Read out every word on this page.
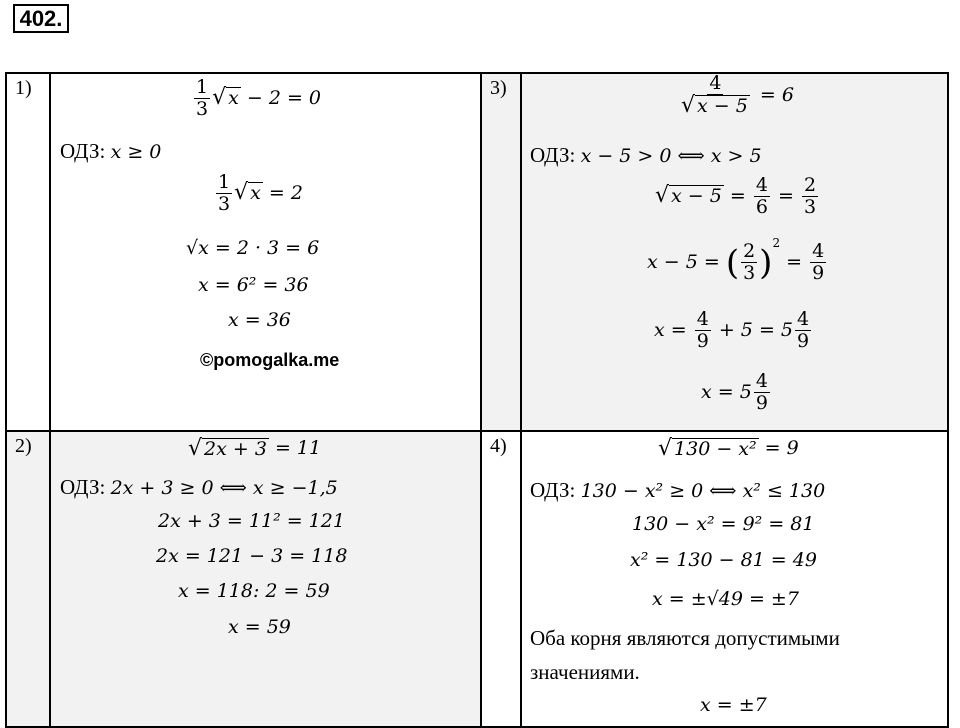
402.
1)	3)
2)	4)
$\frac{1}{3}$ √ x − 2 = 0
ОДЗ: x ≥ 0
$\frac{1}{3}$ √ x = 2
√x = 2 · 3 = 6
x = 6² = 36
x = 36
©pomogalka.me
√ 2x + 3 = 11
ОДЗ: 2x + 3 ≥ 0 ⟺ x ≥ −1,5
2x + 3 = 11² = 121
2x = 121 − 3 = 118
x = 118: 2 = 59
x = 59
$\frac{4}{√ x - 5} = 6$
ОДЗ: x − 5 > 0 ⟺ x > 5
√ $x - 5 = \frac{4}{6} = \frac{2}{3}$
x − 5 = ( $\frac{2}{3} )^2 = \frac{4}{9}$
$x = \frac{4}{9} + 5 = 5 \frac{4}{9}$
$x = 5 \frac{4}{9}$
√ 130 − x² = 9
ОДЗ: 130 − x² ≥ 0 ⟺ x² ≤ 130
130 − x² = 9² = 81
x² = 130 − 81 = 49
x = ±√49 = ±7
Оба корня являются допустимыми
значениями.
x = ±7
